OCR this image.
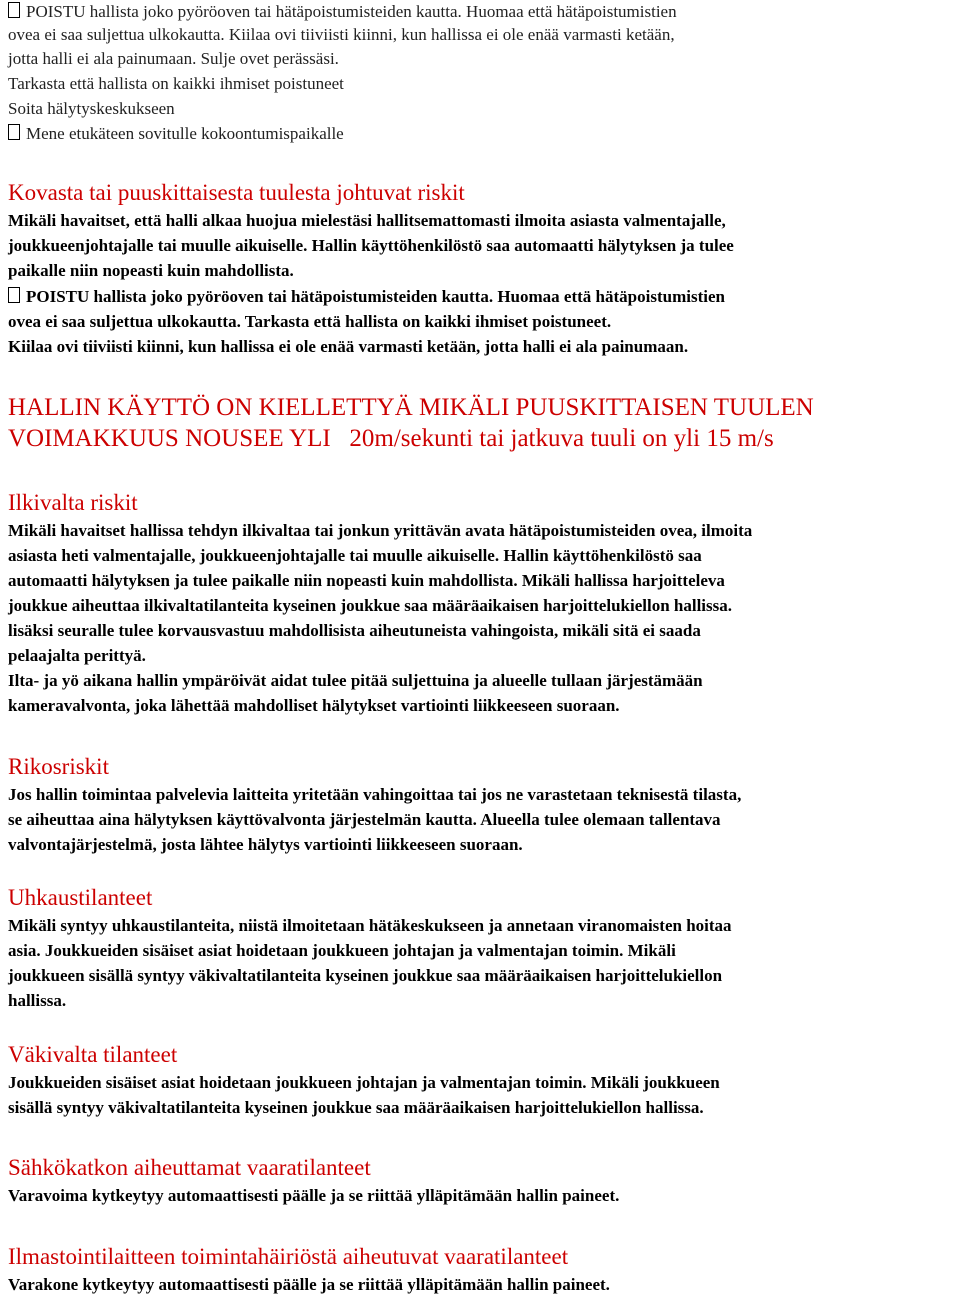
POISTU hallista joko pyöröoven tai hätäpoistumisteiden kautta. Huomaa että hätäpoistumistien
ovea ei saa suljettua ulkokautta. Kiilaa ovi tiiviisti kiinni, kun hallissa ei ole enää varmasti ketään,
jotta halli ei ala painumaan. Sulje ovet perässäsi.
Tarkasta että hallista on kaikki ihmiset poistuneet
Soita hälytyskeskukseen
Mene etukäteen sovitulle kokoontumispaikalle
Kovasta tai puuskittaisesta tuulesta johtuvat riskit
Mikäli havaitset, että halli alkaa huojua mielestäsi hallitsemattomasti ilmoita asiasta valmentajalle,
joukkueenjohtajalle tai muulle aikuiselle. Hallin käyttöhenkilöstö saa automaatti hälytyksen ja tulee
paikalle niin nopeasti kuin mahdollista.
POISTU hallista joko pyöröoven tai hätäpoistumisteiden kautta. Huomaa että hätäpoistumistien
ovea ei saa suljettua ulkokautta. Tarkasta että hallista on kaikki ihmiset poistuneet.
Kiilaa ovi tiiviisti kiinni, kun hallissa ei ole enää varmasti ketään, jotta halli ei ala painumaan.
HALLIN KÄYTTÖ ON KIELLETTYÄ MIKÄLI PUUSKITTAISEN TUULEN
VOIMAKKUUS NOUSEE YLI   20m/sekunti tai jatkuva tuuli on yli 15 m/s
Ilkivalta riskit
Mikäli havaitset hallissa tehdyn ilkivaltaa tai jonkun yrittävän avata hätäpoistumisteiden ovea, ilmoita
asiasta heti valmentajalle, joukkueenjohtajalle tai muulle aikuiselle. Hallin käyttöhenkilöstö saa
automaatti hälytyksen ja tulee paikalle niin nopeasti kuin mahdollista. Mikäli hallissa harjoitteleva
joukkue aiheuttaa ilkivaltatilanteita kyseinen joukkue saa määräaikaisen harjoittelukiellon hallissa.
lisäksi seuralle tulee korvausvastuu mahdollisista aiheutuneista vahingoista, mikäli sitä ei saada
pelaajalta perittyä.
Ilta- ja yö aikana hallin ympäröivät aidat tulee pitää suljettuina ja alueelle tullaan järjestämään
kameravalvonta, joka lähettää mahdolliset hälytykset vartiointi liikkeeseen suoraan.
Rikosriskit
Jos hallin toimintaa palvelevia laitteita yritetään vahingoittaa tai jos ne varastetaan teknisestä tilasta,
se aiheuttaa aina hälytyksen käyttövalvonta järjestelmän kautta. Alueella tulee olemaan tallentava
valvontajärjestelmä, josta lähtee hälytys vartiointi liikkeeseen suoraan.
Uhkaustilanteet
Mikäli syntyy uhkaustilanteita, niistä ilmoitetaan hätäkeskukseen ja annetaan viranomaisten hoitaa
asia. Joukkueiden sisäiset asiat hoidetaan joukkueen johtajan ja valmentajan toimin. Mikäli
joukkueen sisällä syntyy väkivaltatilanteita kyseinen joukkue saa määräaikaisen harjoittelukiellon
hallissa.
Väkivalta tilanteet
Joukkueiden sisäiset asiat hoidetaan joukkueen johtajan ja valmentajan toimin. Mikäli joukkueen
sisällä syntyy väkivaltatilanteita kyseinen joukkue saa määräaikaisen harjoittelukiellon hallissa.
Sähkökatkon aiheuttamat vaaratilanteet
Varavoima kytkeytyy automaattisesti päälle ja se riittää ylläpitämään hallin paineet.
Ilmastointilaitteen toimintahäiriöstä aiheutuvat vaaratilanteet
Varakone kytkeytyy automaattisesti päälle ja se riittää ylläpitämään hallin paineet.
